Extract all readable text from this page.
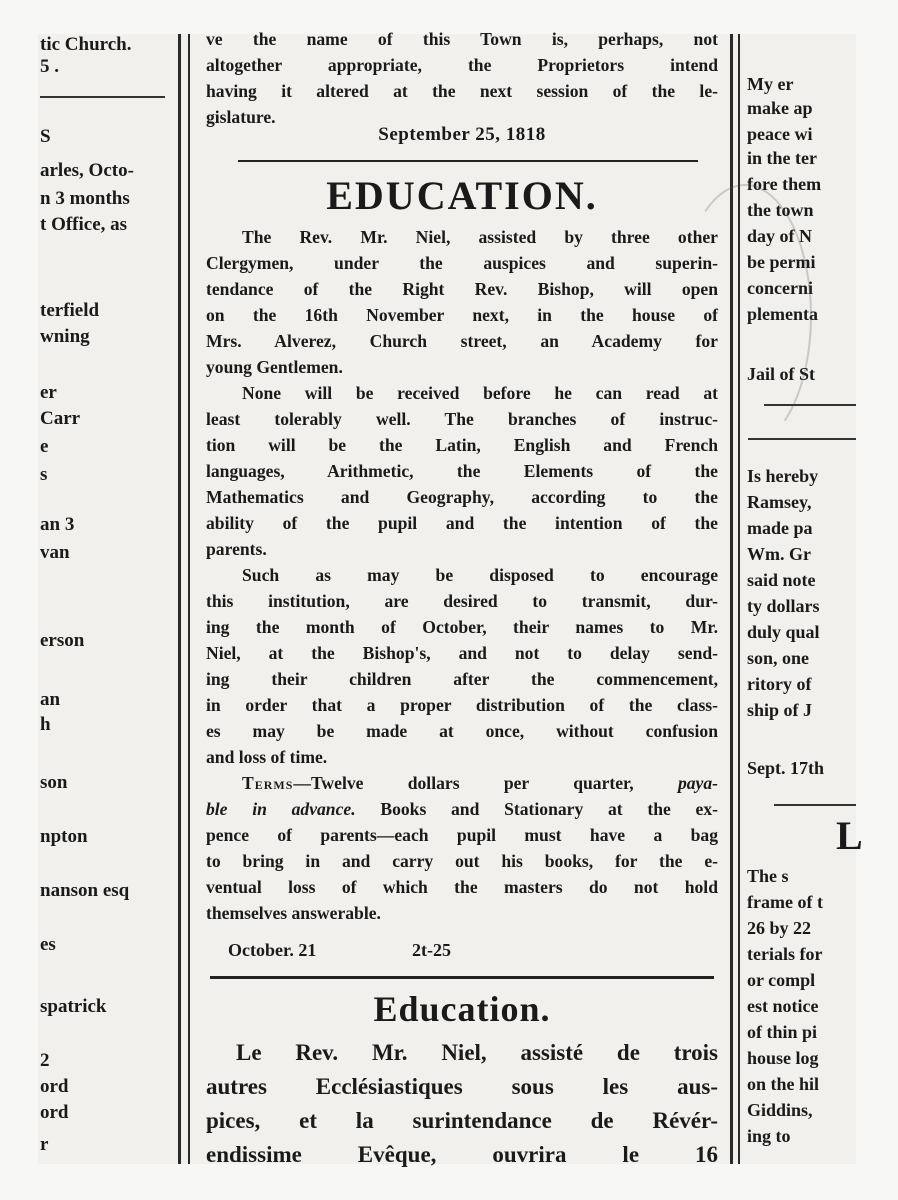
tic Church.
5 .
S
arles, Octo-
n 3 months
t Office, as
terfield
wning
er
Carr
e
s
an 3
van
erson
an
h
son
npton
nanson esq
es
spatrick
2
ord
ord
r
ve the name of this Town is, perhaps, not
altogether appropriate, the Proprietors intend
having it altered at the next session of the le-
gislature.
September 25, 1818
EDUCATION.
The Rev. Mr. Niel, assisted by three other
Clergymen, under the auspices and superin-
tendance of the Right Rev. Bishop, will open
on the 16th November next, in the house of
Mrs. Alverez, Church street, an Academy for
young Gentlemen.
None will be received before he can read at
least tolerably well. The branches of instruc-
tion will be the Latin, English and French
languages, Arithmetic, the Elements of the
Mathematics and Geography, according to the
ability of the pupil and the intention of the
parents.
Such as may be disposed to encourage
this institution, are desired to transmit, dur-
ing the month of October, their names to Mr.
Niel, at the Bishop's, and not to delay send-
ing their children after the commencement,
in order that a proper distribution of the class-
es may be made at once, without confusion
and loss of time.
Terms—Twelve dollars per quarter, paya-
ble in advance. Books and Stationary at the ex-
pence of parents—each pupil must have a bag
to bring in and carry out his books, for the e-
ventual loss of which the masters do not hold
themselves answerable.
October. 21	2t-25
Education.
Le Rev. Mr. Niel, assisté de trois
autres Ecclésiastiques sous les aus-
pices, et la surintendance de Révér-
endissime Evêque, ouvrira le 16
L
My er
make ap
peace wi
in the ter
fore them
the town
day of N
be permi
concerni
plementa
Jail of St
Is hereby
Ramsey,
made pa
Wm. Gr
said note
ty dollars
duly qual
son, one
ritory of
ship of J
Sept. 17th
The s
frame of t
26 by 22
terials for
or compl
est notice
of thin pi
house log
on the hil
Giddins,
ing to
